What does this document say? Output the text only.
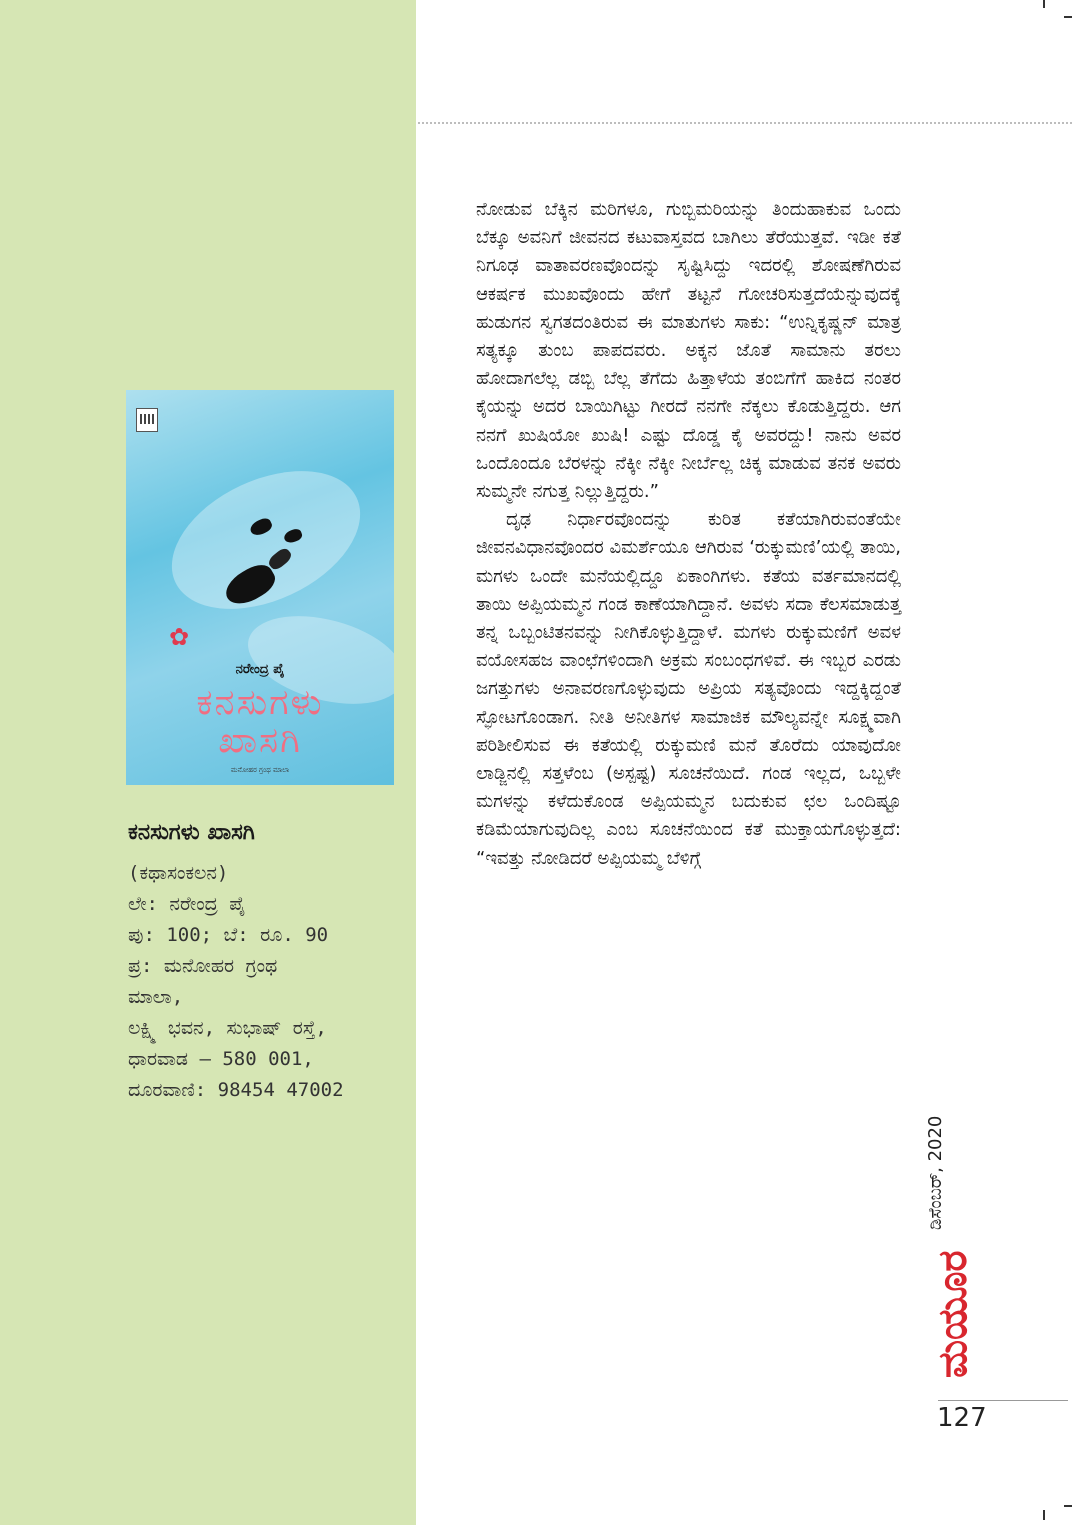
✿
ನರೇಂದ್ರ ಪೈ
ಕನಸುಗಳು
ಖಾಸಗಿ
ಮನೋಹರ ಗ್ರಂಥ ಮಾಲಾ
ಕನಸುಗಳು ಖಾಸಗಿ
(ಕಥಾಸಂಕಲನ)
ಲೇ: ನರೇಂದ್ರ ಪೈ
ಪು: 100; ಬೆ: ರೂ. 90
ಪ್ರ: ಮನೋಹರ ಗ್ರಂಥ
ಮಾಲಾ,
ಲಕ್ಷ್ಮಿ ಭವನ, ಸುಭಾಷ್ ರಸ್ತೆ,
ಧಾರವಾಡ – 580 001,
ದೂರವಾಣಿ: 98454 47002

ನೋಡುವ ಬೆಕ್ಕಿನ ಮರಿಗಳೂ, ಗುಬ್ಬಿಮರಿಯನ್ನು ತಿಂದುಹಾಕುವ ಒಂದು ಬೆಕ್ಕೂ ಅವನಿಗೆ ಜೀವನದ ಕಟುವಾಸ್ತವದ ಬಾಗಿಲು ತೆರೆಯುತ್ತವೆ. ಇಡೀ ಕತೆ ನಿಗೂಢ ವಾತಾವರಣವೊಂದನ್ನು ಸೃಷ್ಟಿಸಿದ್ದು ಇದರಲ್ಲಿ ಶೋಷಣೆಗಿರುವ ಆಕರ್ಷಕ ಮುಖವೊಂದು ಹೇಗೆ ತಟ್ಟನೆ ಗೋಚರಿಸುತ್ತದೆಯೆನ್ನುವುದಕ್ಕೆ ಹುಡುಗನ ಸ್ವಗತದಂತಿರುವ ಈ ಮಾತುಗಳು ಸಾಕು: “ಉನ್ನಿಕೃಷ್ಣನ್ ಮಾತ್ರ ಸತ್ಯಕ್ಕೂ ತುಂಬ ಪಾಪದವರು. ಅಕ್ಕನ ಜೊತೆ ಸಾಮಾನು ತರಲು ಹೋದಾಗಲೆಲ್ಲ ಡಬ್ಬಿ ಬೆಲ್ಲ ತೆಗೆದು ಹಿತ್ತಾಳೆಯ ತಂಬಿಗೆಗೆ ಹಾಕಿದ ನಂತರ ಕೈಯನ್ನು ಅದರ ಬಾಯಿಗಿಟ್ಟು ಗೀರದೆ ನನಗೇ ನೆಕ್ಕಲು ಕೊಡುತ್ತಿದ್ದರು. ಆಗ ನನಗೆ ಖುಷಿಯೋ ಖುಷಿ! ಎಷ್ಟು ದೊಡ್ಡ ಕೈ ಅವರದ್ದು! ನಾನು ಅವರ ಒಂದೊಂದೂ ಬೆರಳನ್ನು ನೆಕ್ಕೀ ನೆಕ್ಕೀ ನೀರ್ಬೆಲ್ಲ ಚಿಕ್ಕ ಮಾಡುವ ತನಕ ಅವರು ಸುಮ್ಮನೇ ನಗುತ್ತ ನಿಲ್ಲುತ್ತಿದ್ದರು.”

ದೃಢ ನಿರ್ಧಾರವೊಂದನ್ನು ಕುರಿತ ಕತೆಯಾಗಿರುವಂತೆಯೇ ಜೀವನವಿಧಾನವೊಂದರ ವಿಮರ್ಶೆಯೂ ಆಗಿರುವ ‘ರುಕ್ಕುಮಣಿ’ಯಲ್ಲಿ ತಾಯಿ, ಮಗಳು ಒಂದೇ ಮನೆಯಲ್ಲಿದ್ದೂ ಏಕಾಂಗಿಗಳು. ಕತೆಯ ವರ್ತಮಾನದಲ್ಲಿ ತಾಯಿ ಅಪ್ಪಿಯಮ್ಮನ ಗಂಡ ಕಾಣೆಯಾಗಿದ್ದಾನೆ. ಅವಳು ಸದಾ ಕೆಲಸಮಾಡುತ್ತ ತನ್ನ ಒಬ್ಬಂಟಿತನವನ್ನು ನೀಗಿಕೊಳ್ಳುತ್ತಿದ್ದಾಳೆ. ಮಗಳು ರುಕ್ಕುಮಣಿಗೆ ಅವಳ ವಯೋಸಹಜ ವಾಂಛೆಗಳಿಂದಾಗಿ ಅಕ್ರಮ ಸಂಬಂಧಗಳಿವೆ. ಈ ಇಬ್ಬರ ಎರಡು ಜಗತ್ತುಗಳು ಅನಾವರಣಗೊಳ್ಳುವುದು ಅಪ್ರಿಯ ಸತ್ಯವೊಂದು ಇದ್ದಕ್ಕಿದ್ದಂತೆ ಸ್ಫೋಟಗೊಂಡಾಗ. ನೀತಿ ಅನೀತಿಗಳ ಸಾಮಾಜಿಕ ಮೌಲ್ಯವನ್ನೇ ಸೂಕ್ಷ್ಮವಾಗಿ ಪರಿಶೀಲಿಸುವ ಈ ಕತೆಯಲ್ಲಿ ರುಕ್ಕುಮಣಿ ಮನೆ ತೊರೆದು ಯಾವುದೋ ಲಾಡ್ಜಿನಲ್ಲಿ ಸತ್ತಳೆಂಬ (ಅಸ್ಪಷ್ಟ) ಸೂಚನೆಯಿದೆ. ಗಂಡ ಇಲ್ಲದ, ಒಬ್ಬಳೇ ಮಗಳನ್ನು ಕಳೆದುಕೊಂಡ ಅಪ್ಪಿಯಮ್ಮನ ಬದುಕುವ ಛಲ ಒಂದಿಷ್ಟೂ ಕಡಿಮೆಯಾಗುವುದಿಲ್ಲ ಎಂಬ ಸೂಚನೆಯಿಂದ ಕತೆ ಮುಕ್ತಾಯಗೊಳ್ಳುತ್ತದೆ: “ಇವತ್ತು ನೋಡಿದರೆ ಅಪ್ಪಿಯಮ್ಮ ಬೆಳಿಗ್ಗೆ

ಡಿಸೆಂಬರ್, 2020
ಮಯೂರ
127
